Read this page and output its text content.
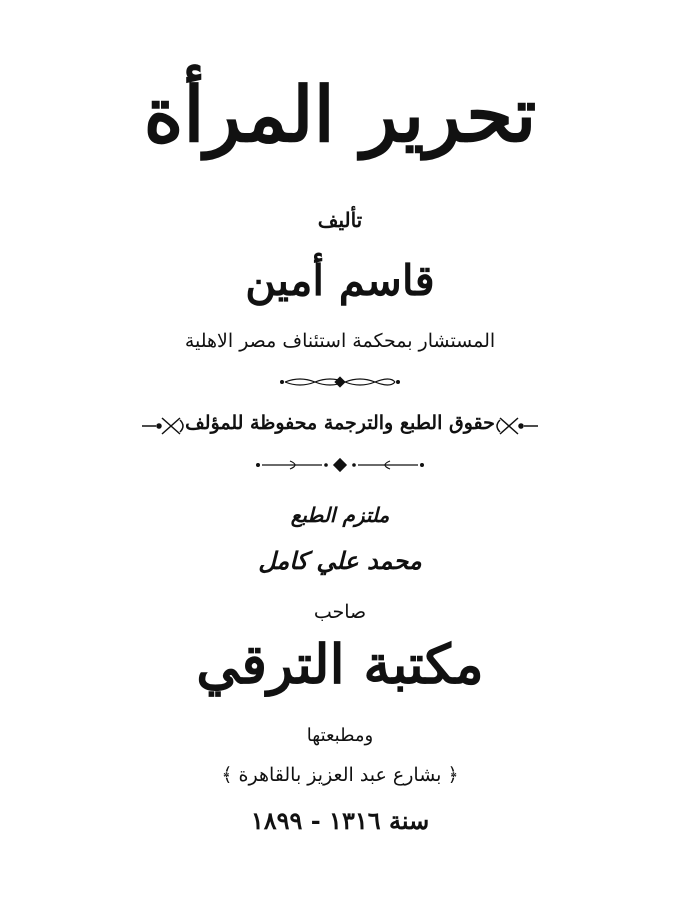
تحرير المرأة
تأليف
قاسم أمين
المستشار بمحكمة استئناف مصر الاهلية
حقوق الطبع والترجمة محفوظة للمؤلف
ملتزم الطبع
محمد علي كامل
صاحب
مكتبة الترقي
ومطبعتها
﴿ بشارع عبد العزيز بالقاهرة ﴾
سنة ١٣١٦ - ١٨٩٩
